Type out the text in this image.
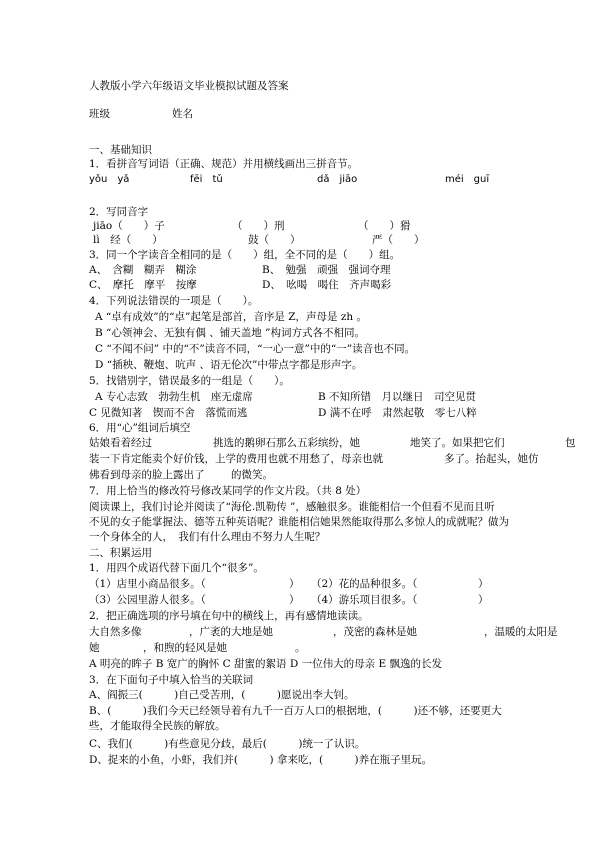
人教版小学六年级语文毕业模拟试题及答案
班级	姓名
一、基础知识
1．看拼音写词语（正确、规范）并用横线画出三拼音节。
yǒu　yǎ	fēi　tǔ	dǎ　jiāo	méi　guī
2．写同音字
jiāo（　　）子	（　　）刑	（　　）猾
lì　经（　　）	鼓（　　）	严（　　）
3．同一个字读音全相同的是（　　）组，全不同的是（　　）组。
A、　含糊　糊弄　糊涂	B、　勉强　顽强　强词夺理
C、　摩托　摩平　按摩	D、　吆喝　喝住　齐声喝彩
4．下列说法错误的一项是（　　）。
A “卓有成效”的“卓”起笔是部首，音序是 Z，声母是 zh 。
B “心领神会、无独有偶 、铺天盖地 ”构词方式各不相同。
C “不闻不问” 中的“不”读音不同，“一心一意”中的“一”读音也不同。
D “插秧、鞭炮、吭声 、语无伦次”中带点字都是形声字。
5．找错别字，错误最多的一组是（　　）。
A 专心志致　勃勃生机　座无虚席	B 不知所错　月以继日　司空见贯
C 见微知著　锲而不舍　落慌而逃	D 满不在呼　肃然起敬　零七八粹
6．用“心”组词后填空
姑娘看着经过	挑选的鹅卵石那么五彩缤纷，她	地笑了。如果把它们	包
装一下肯定能卖个好价钱，上学的费用也就不用愁了，母亲也就	多了。抬起头，她仿
佛看到母亲的脸上露出了	的微笑。
7．用上恰当的修改符号修改某同学的作文片段。（共 8 处）
阅读课上，我们讨论并阅读了“海伦.凯勒传 ”，感触很多。谁能相信一个但看不见而且听
不见的女子能掌握法、德等五种英语呢？谁能相信她果然能取得那么多惊人的成就呢？做为
一个身体全的人，　我们有什么理由不努力人生呢？
二、积累运用
1．用四个成语代替下面几个“很多”。
（1）店里小商品很多。（	） （2）花的品种很多。（	）
（3）公园里游人很多。（	） （4）游乐项目很多。（	）
2．把正确选项的序号填在句中的横线上，再有感情地读读。
大自然多像	，广袤的大地是她	，茂密的森林是她	，温暖的太阳是
她	，和煦的轻风是她	。
A 明亮的眸子 B 宽广的胸怀 C 甜蜜的絮语 D 一位伟大的母亲 E 飘逸的长发
3．在下面句子中填入恰当的关联词
A、阎振三(　　　)自己受苦刑，(　　　)愿说出李大钊。
B、(　　　)我们今天已经领导着有九千一百万人口的根据地，(　　　)还不够，还要更大
些，才能取得全民族的解放。
C、我们(　　　)有些意见分歧，最后(　　　)统一了认识。
D、捉来的小鱼，小虾，我们并(　　　) 拿来吃，(　　　)养在瓶子里玩。
